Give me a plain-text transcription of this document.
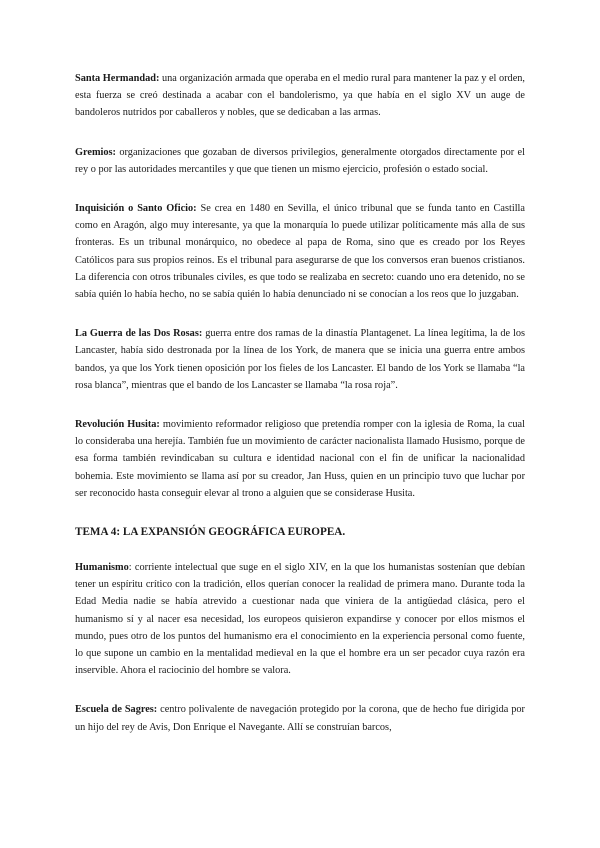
Santa Hermandad: una organización armada que operaba en el medio rural para mantener la paz y el orden, esta fuerza se creó destinada a acabar con el bandolerismo, ya que había en el siglo XV un auge de bandoleros nutridos por caballeros y nobles, que se dedicaban a las armas.

Gremios: organizaciones que gozaban de diversos privilegios, generalmente otorgados directamente por el rey o por las autoridades mercantiles y que que tienen un mismo ejercicio, profesión o estado social.

Inquisición o Santo Oficio: Se crea en 1480 en Sevilla, el único tribunal que se funda tanto en Castilla como en Aragón, algo muy interesante, ya que la monarquía lo puede utilizar políticamente más alla de sus fronteras. Es un tribunal monárquico, no obedece al papa de Roma, sino que es creado por los Reyes Católicos para sus propios reinos. Es el tribunal para asegurarse de que los conversos eran buenos cristianos. La diferencia con otros tribunales civiles, es que todo se realizaba en secreto: cuando uno era detenido, no se sabía quién lo había hecho, no se sabía quién lo había denunciado ni se conocían a los reos que lo juzgaban.

La Guerra de las Dos Rosas: guerra entre dos ramas de la dinastía Plantagenet. La línea legítima, la de los Lancaster, había sido destronada por la línea de los York, de manera que se inicia una guerra entre ambos bandos, ya que los York tienen oposición por los fieles de los Lancaster. El bando de los York se llamaba “la rosa blanca”, mientras que el bando de los Lancaster se llamaba “la rosa roja”.

Revolución Husita: movimiento reformador religioso que pretendía romper con la iglesia de Roma, la cual lo consideraba una herejía. También fue un movimiento de carácter nacionalista llamado Husismo, porque de esa forma también revindicaban su cultura e identidad nacional con el fin de unificar la nacionalidad bohemia. Este movimiento se llama así por su creador, Jan Huss, quien en un principio tuvo que luchar por ser reconocido hasta conseguir elevar al trono a alguien que se considerase Husita.

TEMA 4: LA EXPANSIÓN GEOGRÁFICA EUROPEA.

Humanismo: corriente intelectual que suge en el siglo XIV, en la que los humanistas sostenían que debían tener un espíritu crítico con la tradición, ellos querían conocer la realidad de primera mano. Durante toda la Edad Media nadie se había atrevido a cuestionar nada que viniera de la antigüedad clásica, pero el humanismo sí y al nacer esa necesidad, los europeos quisieron expandirse y conocer por ellos mismos el mundo, pues otro de los puntos del humanismo era el conocimiento en la experiencia personal como fuente, lo que supone un cambio en la mentalidad medieval en la que el hombre era un ser pecador cuya razón era inservible. Ahora el raciocinio del hombre se valora.

Escuela de Sagres: centro polivalente de navegación protegido por la corona, que de hecho fue dirigida por un hijo del rey de Avis, Don Enrique el Navegante. Allí se construían barcos,
